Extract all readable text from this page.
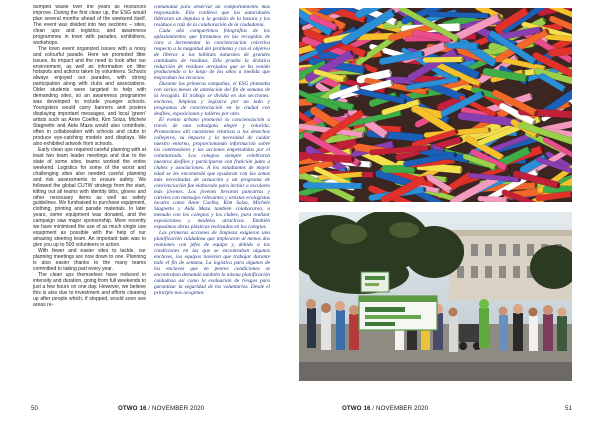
dumped waste over the years as resources improve. During the first clean up, the ESG would plan several months ahead of the weekend itself. The event was divided into two sections – sites, clean ups and logistics, and awareness programmes in town with parades, exhibitions, workshops.

The town event organized issues with a noisy and colourful parade. Here we promoted litter issues, its impact and the need to look after our environment, as well as information on litter hotspots and actions taken by volunteers. Schools always enjoyed our parades, with strong participation along with clubs and associations. Older students were targeted to help with demanding sites, so an awareness programme was developed to include younger schools. Youngsters would carry banners and posters displaying important messages, and local 'green' artists such as Anne Coelho, Kim Soiza, Michele Stagnetto and Aida Maza would also contribute, often in collaboration with schools and clubs to produce eye-catching models and displays. We also exhibited artwork from schools.

Early clean ups required careful planning with at least two team leader meetings and due to the state of some sites, teams worked the entire weekend. Logistics for some of the worst and challenging sites also needed careful planning and risk assessments to ensure safety. We followed the global CUTW strategy from the start, kitting out all teams with identity bibs, gloves and other necessary items as well as safety guidelines. We fundraised to purchase equipment, clothing, printing and parade materials. In later years, some equipment was donated, and the campaign saw major sponsorship. More recently we have minimised the use of as much single use equipment as possible with the help of our amazing steering team. An important task was to give you up to 500 volunteers in action.

With fewer and easier sites to tackle, our planning meetings are now down to one. Planning is also easier thanks to the many teams committed to taking part every year.

The clean ups themselves have reduced in intensity and duration, going from full weekends to just a few hours on one day. However, we believe this is also due to investment and efforts cleaning up after people which, if stopped, would soon see areas re-

comunidad para observar un comportamiento más responsable. Ello conllevó que las autoridades lideraran un impulso a la gestión de la basura y los residuos a raíz de la colaboración de la ciudadanía.

Cada año compartimos fotografías de los aplastamientos que formamos en las recogidas de cara a incrementar la concienciación colectiva respecto a la magnitud del problema y con el objetivo de liberar a los hábitats naturales de grandes cantidades de residuos. Ello prueba la drástica reducción de residuos arrojados que se ha venido produciendo a lo largo de los años a medida que mejoraban los recursos.

Durante las primeras campañas, el ESG planeaba con varios meses de antelación del fin de semana de la recogida. El trabajo se dividía en dos secciones: enclaves, limpieza y logística por un lado y programas de concienciación en la ciudad con desfiles, exposiciones y talleres por otro.

El evento urbano promovió la concienciación a través de una cabalgata alegre y colorida. Promovimos allí cuestiones relativas a los desechos callejeros, su impacto y la necesidad de cuidar nuestro entorno, proporcionando información sobre los contenedores y las acciones emprendidas por el voluntariado. Los colegios siempre celebraron nuestros desfiles y participaron con frutición junto a clubes y asociaciones. A los estudiantes de mayor edad se les encomendó que ayudaran con las zonas más necesitadas de actuación y un programa de concienciación fue elaborado para incluir a escolares más jóvenes. Los jóvenes llevaron pancartas y carteles con mensajes relevantes y artistas ecologistas locales como Anne Coelho, Kim Soiza, Michele Stagnetto y Aida Maza también colaboraron, a menudo con los colegios y los clubes, para realizar exposiciones y modelos atractivos. También expusimos obras plásticas realizadas en los colegios.

Las primeras acciones de limpieza exigieron una planificación cuidadosa que implicaron al menos dos reuniones con jefes de equipo y, debido a las condiciones en las que se encontraban algunos enclaves, los equipos tuvieron que trabajar durante todo el fin de semana. La logística para algunos de los enclaves que en peores condiciones se encontraban demandó también la misma planificación cuidadosa así como la evaluación de riesgos para garantizar la seguridad de los voluntarios. Desde el principio nos acogimos

50	OTWO 16 / NOVEMBER 2020	OTWO 16 / NOVEMBER 2020	51
